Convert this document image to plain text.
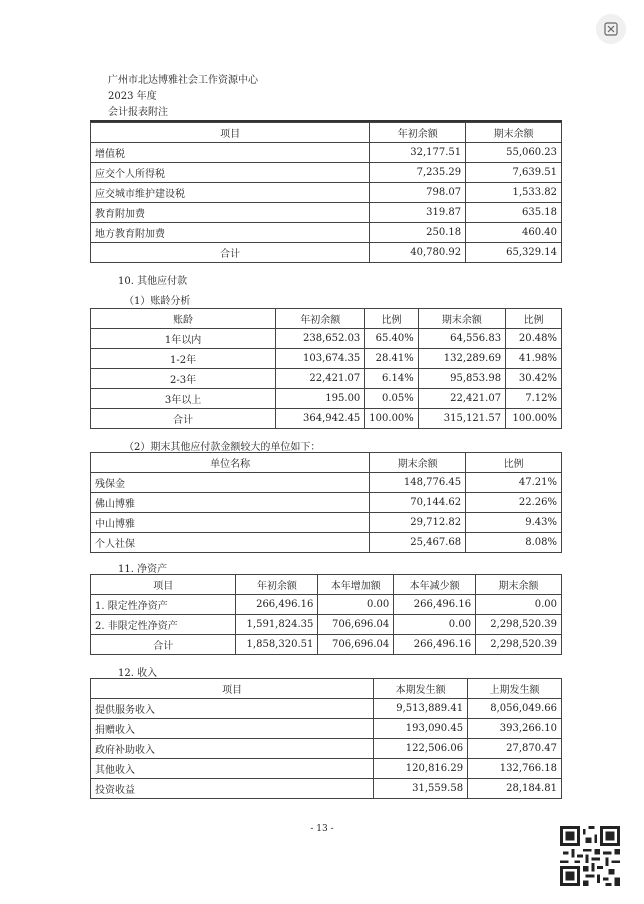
广州市北达博雅社会工作资源中心
2023 年度
会计报表附注
项目	年初余额	期末余额
增值税	32,177.51	55,060.23
应交个人所得税	7,235.29	7,639.51
应交城市维护建设税	798.07	1,533.82
教育附加费	319.87	635.18
地方教育附加费	250.18	460.40
合计	40,780.92	65,329.14
10. 其他应付款
（1）账龄分析
账龄	年初余额	比例	期末余额	比例
1年以内	238,652.03	65.40%	64,556.83	20.48%
1-2年	103,674.35	28.41%	132,289.69	41.98%
2-3年	22,421.07	6.14%	95,853.98	30.42%
3年以上	195.00	0.05%	22,421.07	7.12%
合计	364,942.45	100.00%	315,121.57	100.00%
（2）期末其他应付款金额较大的单位如下：
单位名称	期末余额	比例
残保金	148,776.45	47.21%
佛山博雅	70,144.62	22.26%
中山博雅	29,712.82	9.43%
个人社保	25,467.68	8.08%
11. 净资产
项目	年初余额	本年增加额	本年减少额	期末余额
1. 限定性净资产	266,496.16	0.00	266,496.16	0.00
2. 非限定性净资产	1,591,824.35	706,696.04	0.00	2,298,520.39
合计	1,858,320.51	706,696.04	266,496.16	2,298,520.39
12. 收入
项目	本期发生额	上期发生额
提供服务收入	9,513,889.41	8,056,049.66
捐赠收入	193,090.45	393,266.10
政府补助收入	122,506.06	27,870.47
其他收入	120,816.29	132,766.18
投资收益	31,559.58	28,184.81
- 13 -
